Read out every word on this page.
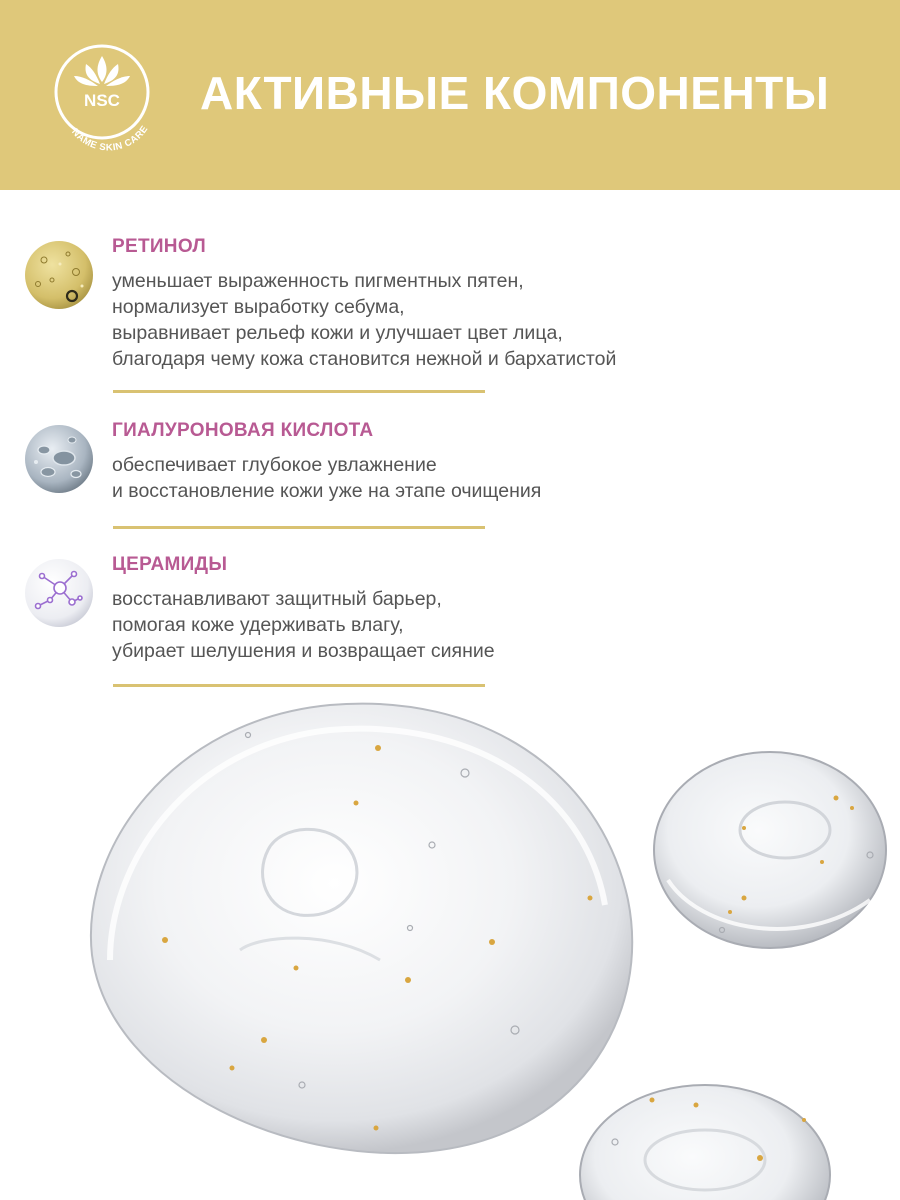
NSC
NAME SKIN CARE
АКТИВНЫЕ КОМПОНЕНТЫ
РЕТИНОЛ
уменьшает выраженность пигментных пятен,
нормализует выработку себума,
выравнивает рельеф кожи и улучшает цвет лица,
благодаря чему кожа становится нежной и бархатистой
ГИАЛУРОНОВАЯ КИСЛОТА
обеспечивает глубокое увлажнение
и восстановление кожи уже на этапе очищения
ЦЕРАМИДЫ
восстанавливают защитный барьер,
помогая коже удерживать влагу,
убирает шелушения и возвращает сияние
